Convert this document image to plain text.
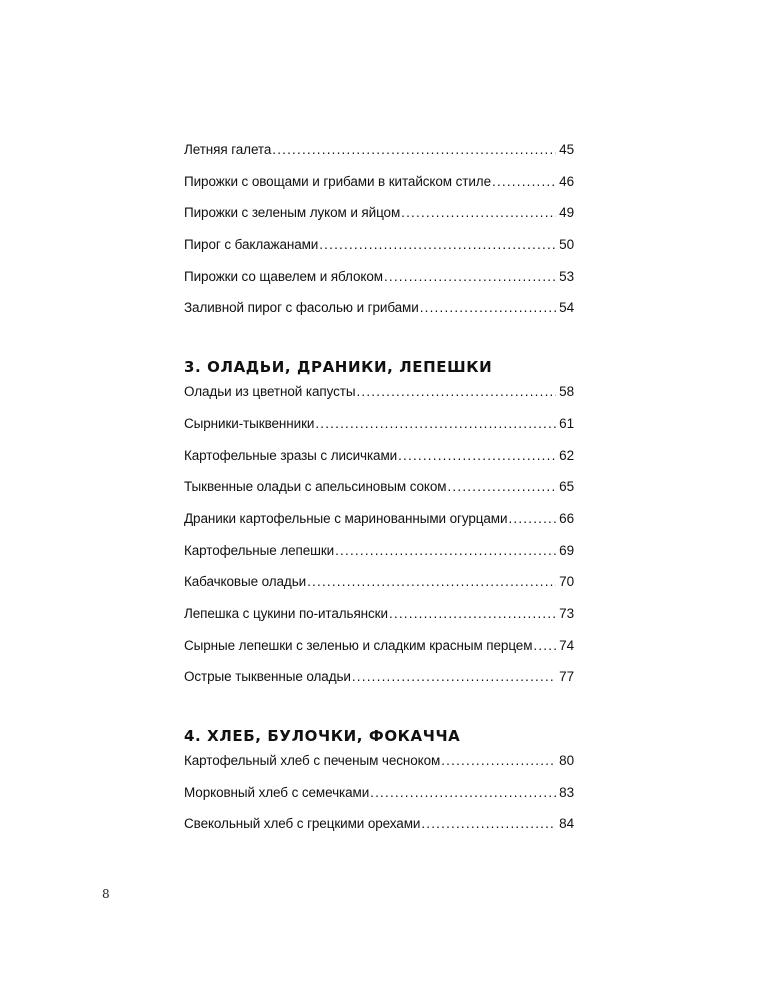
Летняя галета .....	45
Пирожки с овощами и грибами в китайском стиле .....	46
Пирожки с зеленым луком и яйцом .....	49
Пирог с баклажанами .....	50
Пирожки со щавелем и яблоком .....	53
Заливной пирог с фасолью и грибами .....	54
3. ОЛАДЬИ, ДРАНИКИ, ЛЕПЕШКИ
Оладьи из цветной капусты .....	58
Сырники-тыквенники .....	61
Картофельные зразы с лисичками .....	62
Тыквенные оладьи с апельсиновым соком .....	65
Драники картофельные с маринованными огурцами .....	66
Картофельные лепешки .....	69
Кабачковые оладьи .....	70
Лепешка с цукини по-итальянски .....	73
Сырные лепешки с зеленью и сладким красным перцем ..... 74
Острые тыквенные оладьи .....	77
4. ХЛЕБ, БУЛОЧКИ, ФОКАЧЧА
Картофельный хлеб с печеным чесноком .....	80
Морковный хлеб с семечками .....	83
Свекольный хлеб с грецкими орехами .....	84
8
